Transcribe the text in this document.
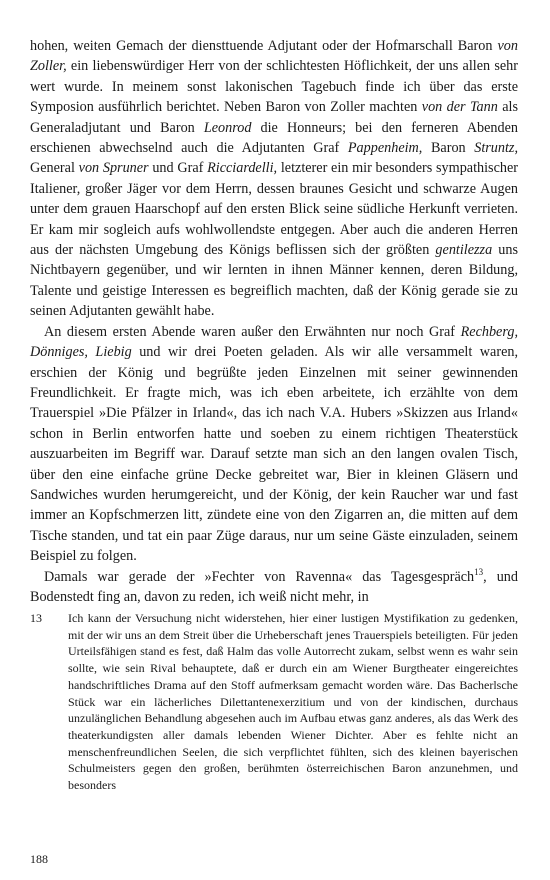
hohen, weiten Gemach der diensttuende Adjutant oder der Hofmarschall Baron von Zoller, ein liebenswürdiger Herr von der schlichtesten Höflichkeit, der uns allen sehr wert wurde. In meinem sonst lakonischen Tagebuch finde ich über das erste Symposion ausführlich berichtet. Neben Baron von Zoller machten von der Tann als Generaladjutant und Baron Leonrod die Honneurs; bei den ferneren Abenden erschienen abwechselnd auch die Adjutanten Graf Pappenheim, Baron Struntz, General von Spruner und Graf Ricciardelli, letzterer ein mir besonders sympathischer Italiener, großer Jäger vor dem Herrn, dessen braunes Gesicht und schwarze Augen unter dem grauen Haarschopf auf den ersten Blick seine südliche Herkunft verrieten. Er kam mir sogleich aufs wohlwollendste entgegen. Aber auch die anderen Herren aus der nächsten Umgebung des Königs beflissen sich der größten gentilezza uns Nichtbayern gegenüber, und wir lernten in ihnen Männer kennen, deren Bildung, Talente und geistige Interessen es begreiflich machten, daß der König gerade sie zu seinen Adjutanten gewählt habe.

An diesem ersten Abende waren außer den Erwähnten nur noch Graf Rechberg, Dönniges, Liebig und wir drei Poeten geladen. Als wir alle versammelt waren, erschien der König und begrüßte jeden Einzelnen mit seiner gewinnenden Freundlichkeit. Er fragte mich, was ich eben arbeitete, ich erzählte von dem Trauerspiel »Die Pfälzer in Irland«, das ich nach V.A. Hubers »Skizzen aus Irland« schon in Berlin entworfen hatte und soeben zu einem richtigen Theaterstück auszuarbeiten im Begriff war. Darauf setzte man sich an den langen ovalen Tisch, über den eine einfache grüne Decke gebreitet war, Bier in kleinen Gläsern und Sandwiches wurden herumgereicht, und der König, der kein Raucher war und fast immer an Kopfschmerzen litt, zündete eine von den Zigarren an, die mitten auf dem Tische standen, und tat ein paar Züge daraus, nur um seine Gäste einzuladen, seinem Beispiel zu folgen.

Damals war gerade der »Fechter von Ravenna« das Tagesgespräch$^{13}$, und Bodenstedt fing an, davon zu reden, ich weiß nicht mehr, in

13 Ich kann der Versuchung nicht widerstehen, hier einer lustigen Mystifikation zu gedenken, mit der wir uns an dem Streit über die Urheberschaft jenes Trauerspiels beteiligten. Für jeden Urteilsfähigen stand es fest, daß Halm das volle Autorrecht zukam, selbst wenn es wahr sein sollte, wie sein Rival behauptete, daß er durch ein am Wiener Burgtheater eingereichtes handschriftliches Drama auf den Stoff aufmerksam gemacht worden wäre. Das Bacherlsche Stück war ein lächerliches Dilettantenexerzitium und von der kindischen, durchaus unzulänglichen Behandlung abgesehen auch im Aufbau etwas ganz anderes, als das Werk des theaterkundigsten aller damals lebenden Wiener Dichter. Aber es fehlte nicht an menschenfreundlichen Seelen, die sich verpflichtet fühlten, sich des kleinen bayerischen Schulmeisters gegen den großen, berühmten österreichischen Baron anzunehmen, und besonders

188
